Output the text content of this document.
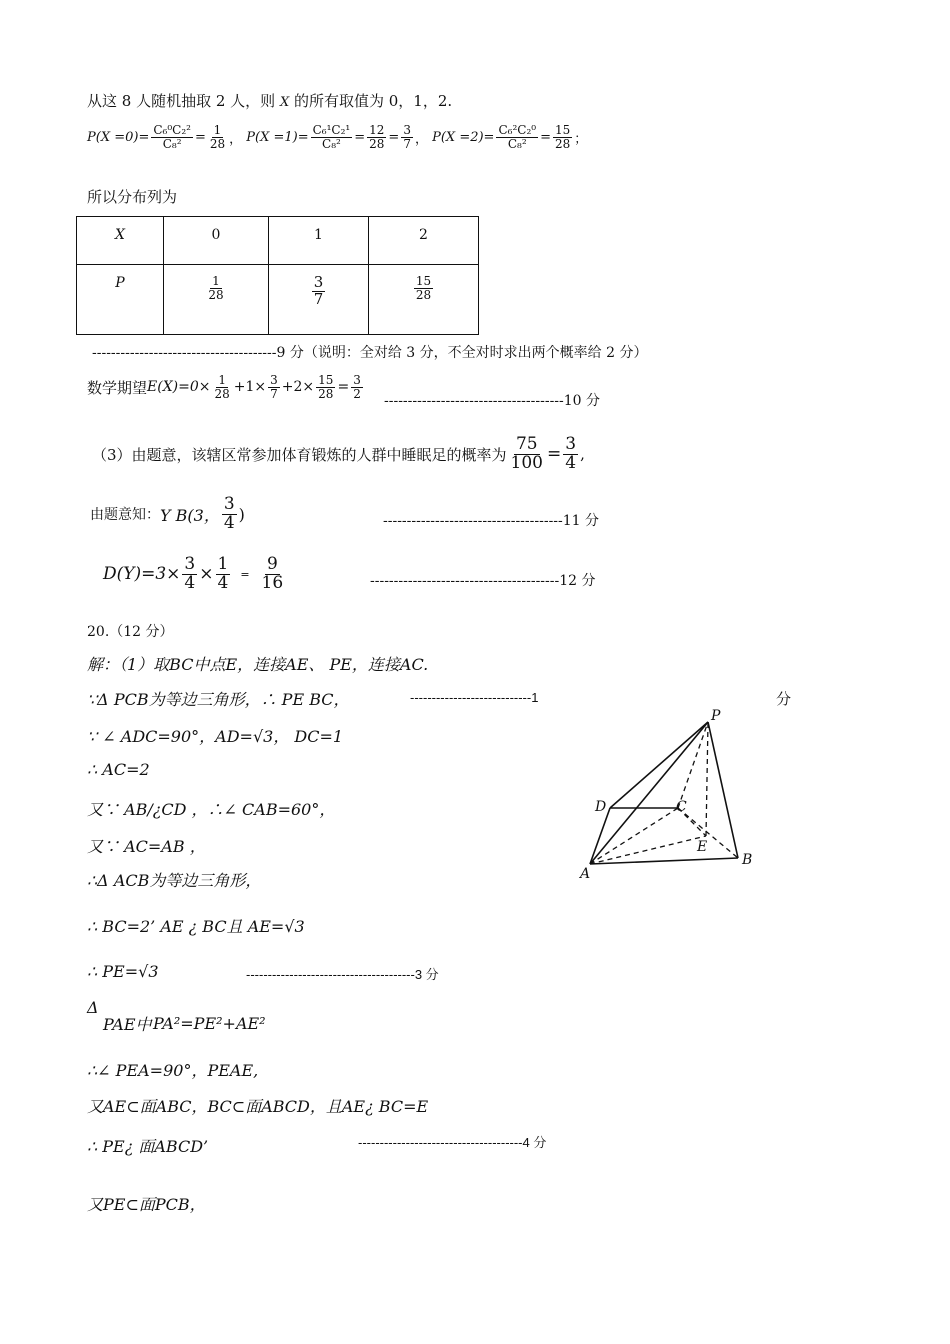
从这 8 人随机抽取 2 人，则 X 的所有取值为 0，1，2.
$P(X =0)= \frac{\text{C₆⁰C₂²}}{\text{C₈²}} = \frac{1}{28}$ ， $P(X =1)= \frac{\text{C₆¹C₂¹}}{\text{C₈²}} = \frac{12}{28} = \frac{3}{7}$ ， $P(X =2)= \frac{\text{C₆²C₂⁰}}{\text{C₈²}} = \frac{15}{28}$ ；
所以分布列为
X	0	1	2
P	$\frac{1}{28}$	$\frac{3}{7}$	$\frac{15}{28}$
---------------------------------------9 分（说明：全对给 3 分，不全对时求出两个概率给 2 分）
数学期望 $E(X)=0\times \frac{1}{28} +1\times \frac{3}{7} +2\times \frac{15}{28} = \frac{3}{2}$
--------------------------------------10 分
（3）由题意，该辖区常参加体育锻炼的人群中睡眠足的概率为 $\frac{75}{100} = \frac{3}{4}$ ,
由题意知： Y B(3， $\frac{3}{4}$ )	--------------------------------------11 分
$D(Y)=3\times \frac{3}{4} \times \frac{1}{4} = \frac{9}{16}$	----------------------------------------12 分
20.（12 分）
解：（1）取BC中点E，连接AE、 PE，连接AC.
∵Δ PCB为等边三角形，∴ PE BC，	----------------------------1	分
∵ ∠ ADC=90°，AD=√3， DC=1
∴ AC=2
又∵ AB/¿CD ，∴∠ CAB=60°，
又∵ AC=AB ，
∴Δ ACB为等边三角形，
∴ BC=2’ AE ¿ BC且 AE=√3
∴ PE=√3	---------------------------------------3 分
Δ
PAE中 PA²=PE²+AE²
∴∠ PEA=90°，PEAE,
又AE⊂面ABC，BC⊂面ABCD，且AE¿ BC=E
∴ PE¿ 面ABCD’	--------------------------------------4 分
又PE⊂面PCB，
P
D	C
E
A
B
